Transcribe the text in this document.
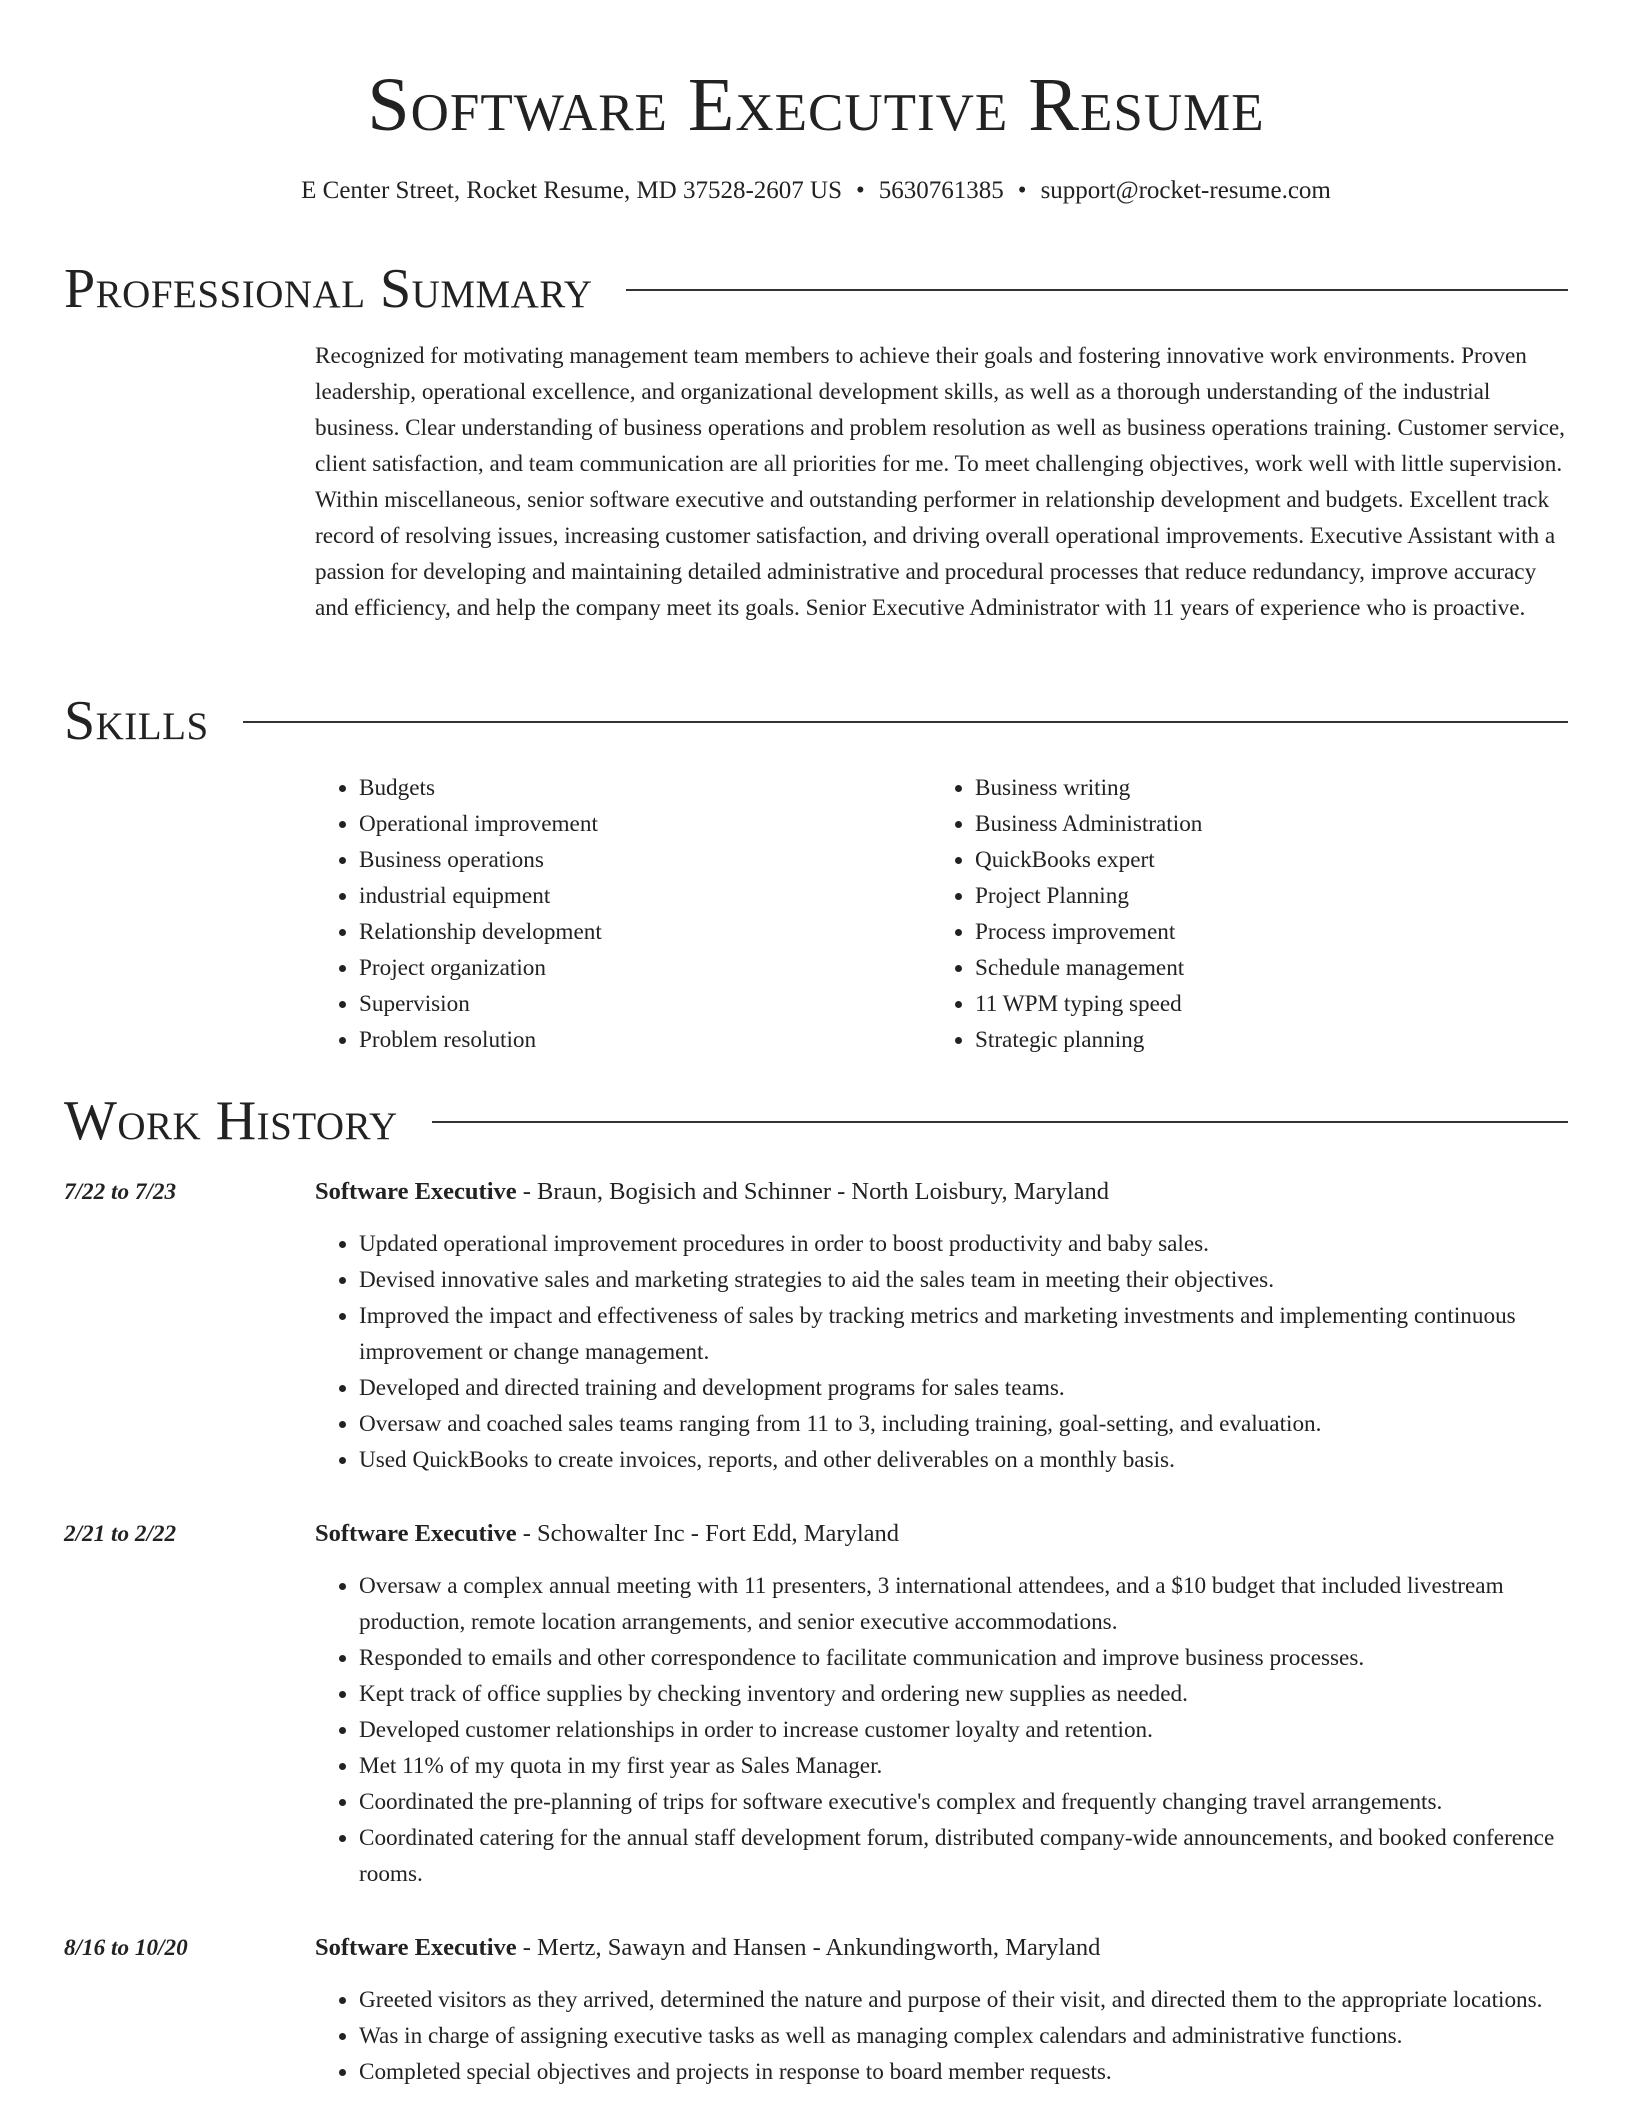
Software Executive Resume
E Center Street, Rocket Resume, MD 37528-2607 US • 5630761385 • support@rocket-resume.com
Professional Summary

Recognized for motivating management team members to achieve their goals and fostering innovative work environments. Proven leadership, operational excellence, and organizational development skills, as well as a thorough understanding of the industrial business. Clear understanding of business operations and problem resolution as well as business operations training. Customer service, client satisfaction, and team communication are all priorities for me. To meet challenging objectives, work well with little supervision. Within miscellaneous, senior software executive and outstanding performer in relationship development and budgets. Excellent track record of resolving issues, increasing customer satisfaction, and driving overall operational improvements. Executive Assistant with a passion for developing and maintaining detailed administrative and procedural processes that reduce redundancy, improve accuracy and efficiency, and help the company meet its goals. Senior Executive Administrator with 11 years of experience who is proactive.

Skills
• Budgets
• Operational improvement
• Business operations
• industrial equipment
• Relationship development
• Project organization
• Supervision
• Problem resolution
• Business writing
• Business Administration
• QuickBooks expert
• Project Planning
• Process improvement
• Schedule management
• 11 WPM typing speed
• Strategic planning
Work History
7/22 to 7/23	Software Executive - Braun, Bogisich and Schinner - North Loisbury, Maryland
• Updated operational improvement procedures in order to boost productivity and baby sales.
• Devised innovative sales and marketing strategies to aid the sales team in meeting their objectives.
• Improved the impact and effectiveness of sales by tracking metrics and marketing investments and implementing continuous improvement or change management.
• Developed and directed training and development programs for sales teams.
• Oversaw and coached sales teams ranging from 11 to 3, including training, goal-setting, and evaluation.
• Used QuickBooks to create invoices, reports, and other deliverables on a monthly basis.
2/21 to 2/22	Software Executive - Schowalter Inc - Fort Edd, Maryland
• Oversaw a complex annual meeting with 11 presenters, 3 international attendees, and a $10 budget that included livestream production, remote location arrangements, and senior executive accommodations.
• Responded to emails and other correspondence to facilitate communication and improve business processes.
• Kept track of office supplies by checking inventory and ordering new supplies as needed.
• Developed customer relationships in order to increase customer loyalty and retention.
• Met 11% of my quota in my first year as Sales Manager.
• Coordinated the pre-planning of trips for software executive's complex and frequently changing travel arrangements.
• Coordinated catering for the annual staff development forum, distributed company-wide announcements, and booked conference rooms.
8/16 to 10/20	Software Executive - Mertz, Sawayn and Hansen - Ankundingworth, Maryland
• Greeted visitors as they arrived, determined the nature and purpose of their visit, and directed them to the appropriate locations.
• Was in charge of assigning executive tasks as well as managing complex calendars and administrative functions.
• Completed special objectives and projects in response to board member requests.
